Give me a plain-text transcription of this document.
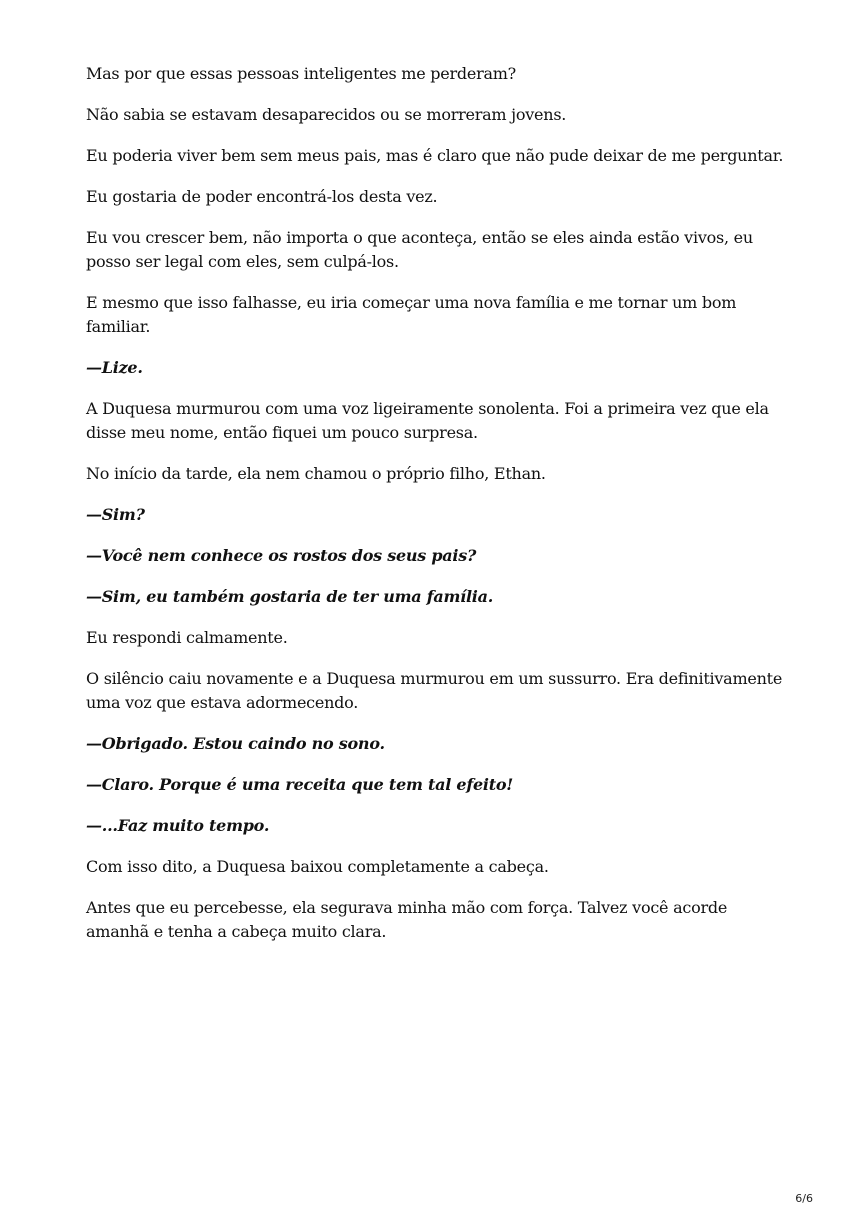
Mas por que essas pessoas inteligentes me perderam?

Não sabia se estavam desaparecidos ou se morreram jovens.

Eu poderia viver bem sem meus pais, mas é claro que não pude deixar de me perguntar.

Eu gostaria de poder encontrá-los desta vez.

Eu vou crescer bem, não importa o que aconteça, então se eles ainda estão vivos, eu posso ser legal com eles, sem culpá-los.

E mesmo que isso falhasse, eu iria começar uma nova família e me tornar um bom familiar.

—Lize.

A Duquesa murmurou com uma voz ligeiramente sonolenta. Foi a primeira vez que ela disse meu nome, então fiquei um pouco surpresa.

No início da tarde, ela nem chamou o próprio filho, Ethan.

—Sim?

—Você nem conhece os rostos dos seus pais?

—Sim, eu também gostaria de ter uma família.

Eu respondi calmamente.

O silêncio caiu novamente e a Duquesa murmurou em um sussurro. Era definitivamente uma voz que estava adormecendo.

—Obrigado. Estou caindo no sono.

—Claro. Porque é uma receita que tem tal efeito!

—...Faz muito tempo.

Com isso dito, a Duquesa baixou completamente a cabeça.

Antes que eu percebesse, ela segurava minha mão com força. Talvez você acorde amanhã e tenha a cabeça muito clara.

6/6
